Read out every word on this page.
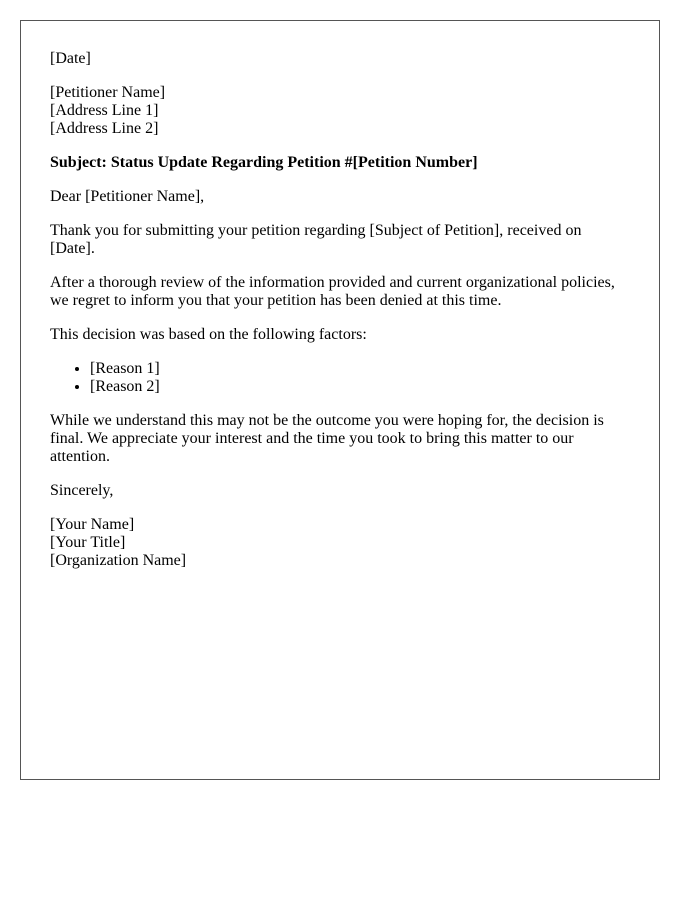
[Date]

[Petitioner Name]
[Address Line 1]
[Address Line 2]

Subject: Status Update Regarding Petition #[Petition Number]

Dear [Petitioner Name],

Thank you for submitting your petition regarding [Subject of Petition], received on [Date].

After a thorough review of the information provided and current organizational policies, we regret to inform you that your petition has been denied at this time.

This decision was based on the following factors:

• [Reason 1]
• [Reason 2]

While we understand this may not be the outcome you were hoping for, the decision is final. We appreciate your interest and the time you took to bring this matter to our attention.

Sincerely,

[Your Name]
[Your Title]
[Organization Name]
